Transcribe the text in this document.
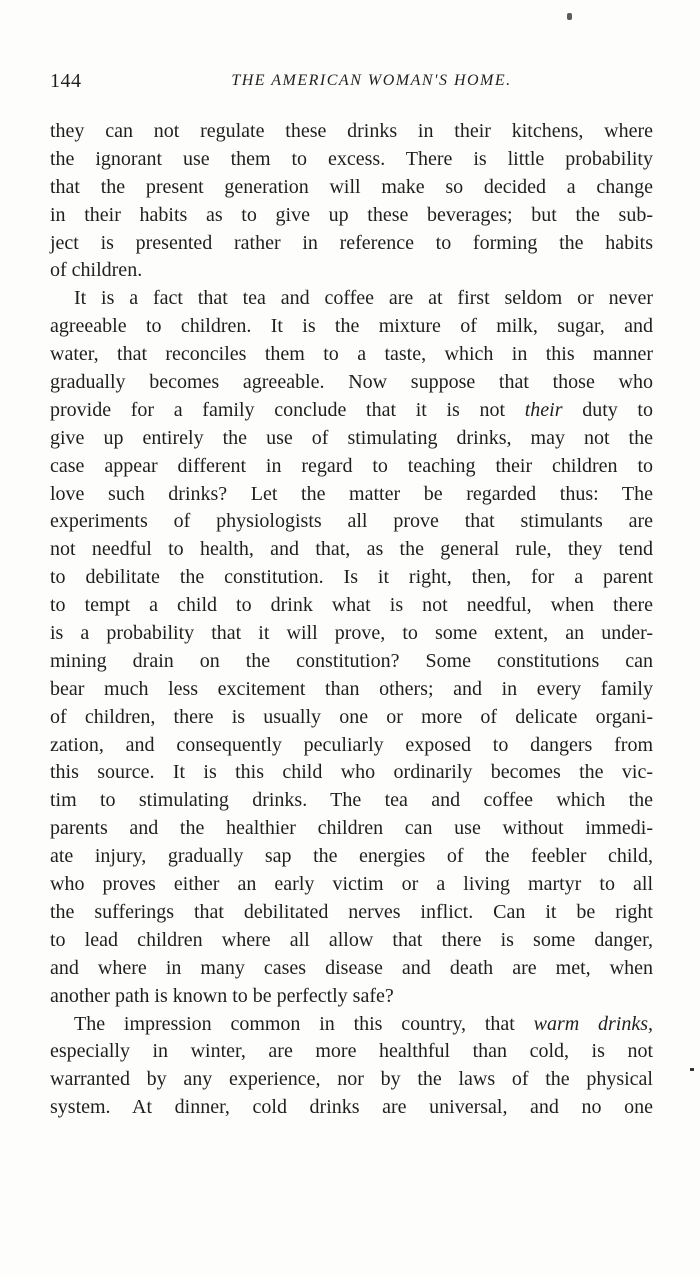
144	THE AMERICAN WOMAN'S HOME.
they can not regulate these drinks in their kitchens, where
the ignorant use them to excess. There is little probability
that the present generation will make so decided a change
in their habits as to give up these beverages; but the sub-
ject is presented rather in reference to forming the habits
of children.
It is a fact that tea and coffee are at first seldom or never
agreeable to children. It is the mixture of milk, sugar, and
water, that reconciles them to a taste, which in this manner
gradually becomes agreeable. Now suppose that those who
provide for a family conclude that it is not their duty to
give up entirely the use of stimulating drinks, may not the
case appear different in regard to teaching their children to
love such drinks? Let the matter be regarded thus: The
experiments of physiologists all prove that stimulants are
not needful to health, and that, as the general rule, they tend
to debilitate the constitution. Is it right, then, for a parent
to tempt a child to drink what is not needful, when there
is a probability that it will prove, to some extent, an under-
mining drain on the constitution? Some constitutions can
bear much less excitement than others; and in every family
of children, there is usually one or more of delicate organi-
zation, and consequently peculiarly exposed to dangers from
this source. It is this child who ordinarily becomes the vic-
tim to stimulating drinks. The tea and coffee which the
parents and the healthier children can use without immedi-
ate injury, gradually sap the energies of the feebler child,
who proves either an early victim or a living martyr to all
the sufferings that debilitated nerves inflict. Can it be right
to lead children where all allow that there is some danger,
and where in many cases disease and death are met, when
another path is known to be perfectly safe?
The impression common in this country, that warm drinks,
especially in winter, are more healthful than cold, is not
warranted by any experience, nor by the laws of the physical
system. At dinner, cold drinks are universal, and no one
